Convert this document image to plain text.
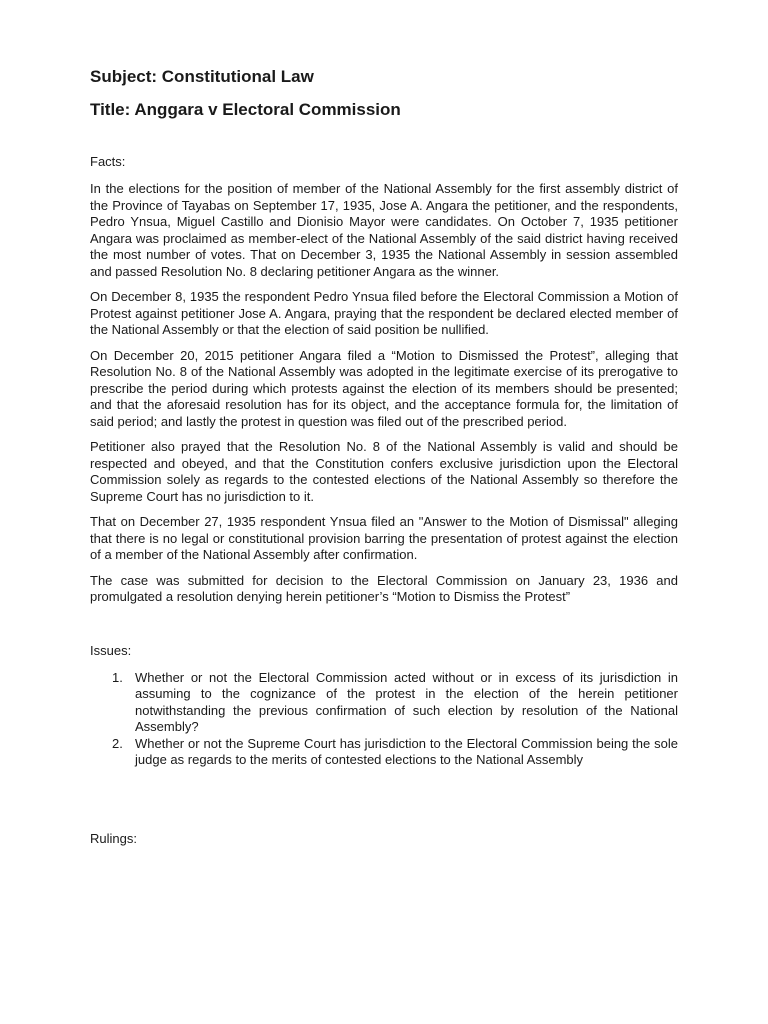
Subject: Constitutional Law
Title: Anggara v Electoral Commission

Facts:

In the elections for the position of member of the National Assembly for the first assembly district of the Province of Tayabas on September 17, 1935, Jose A. Angara the petitioner, and the respondents, Pedro Ynsua, Miguel Castillo and Dionisio Mayor were candidates. On October 7, 1935 petitioner Angara was proclaimed as member-elect of the National Assembly of the said district having received the most number of votes. That on December 3, 1935 the National Assembly in session assembled and passed Resolution No. 8 declaring petitioner Angara as the winner.

On December 8, 1935 the respondent Pedro Ynsua filed before the Electoral Commission a Motion of Protest against petitioner Jose A. Angara, praying that the respondent be declared elected member of the National Assembly or that the election of said position be nullified.

On December 20, 2015 petitioner Angara filed a “Motion to Dismissed the Protest”, alleging that Resolution No. 8 of the National Assembly was adopted in the legitimate exercise of its prerogative to prescribe the period during which protests against the election of its members should be presented; and that the aforesaid resolution has for its object, and the acceptance formula for, the limitation of said period; and lastly the protest in question was filed out of the prescribed period.

Petitioner also prayed that the Resolution No. 8 of the National Assembly is valid and should be respected and obeyed, and that the Constitution confers exclusive jurisdiction upon the Electoral Commission solely as regards to the contested elections of the National Assembly so therefore the Supreme Court has no jurisdiction to it.

That on December 27, 1935 respondent Ynsua filed an "Answer to the Motion of Dismissal" alleging that there is no legal or constitutional provision barring the presentation of protest against the election of a member of the National Assembly after confirmation.

The case was submitted for decision to the Electoral Commission on January 23, 1936 and promulgated a resolution denying herein petitioner’s “Motion to Dismiss the Protest”

Issues:

1. Whether or not the Electoral Commission acted without or in excess of its jurisdiction in assuming to the cognizance of the protest in the election of the herein petitioner notwithstanding the previous confirmation of such election by resolution of the National Assembly?
2. Whether or not the Supreme Court has jurisdiction to the Electoral Commission being the sole judge as regards to the merits of contested elections to the National Assembly

Rulings:
